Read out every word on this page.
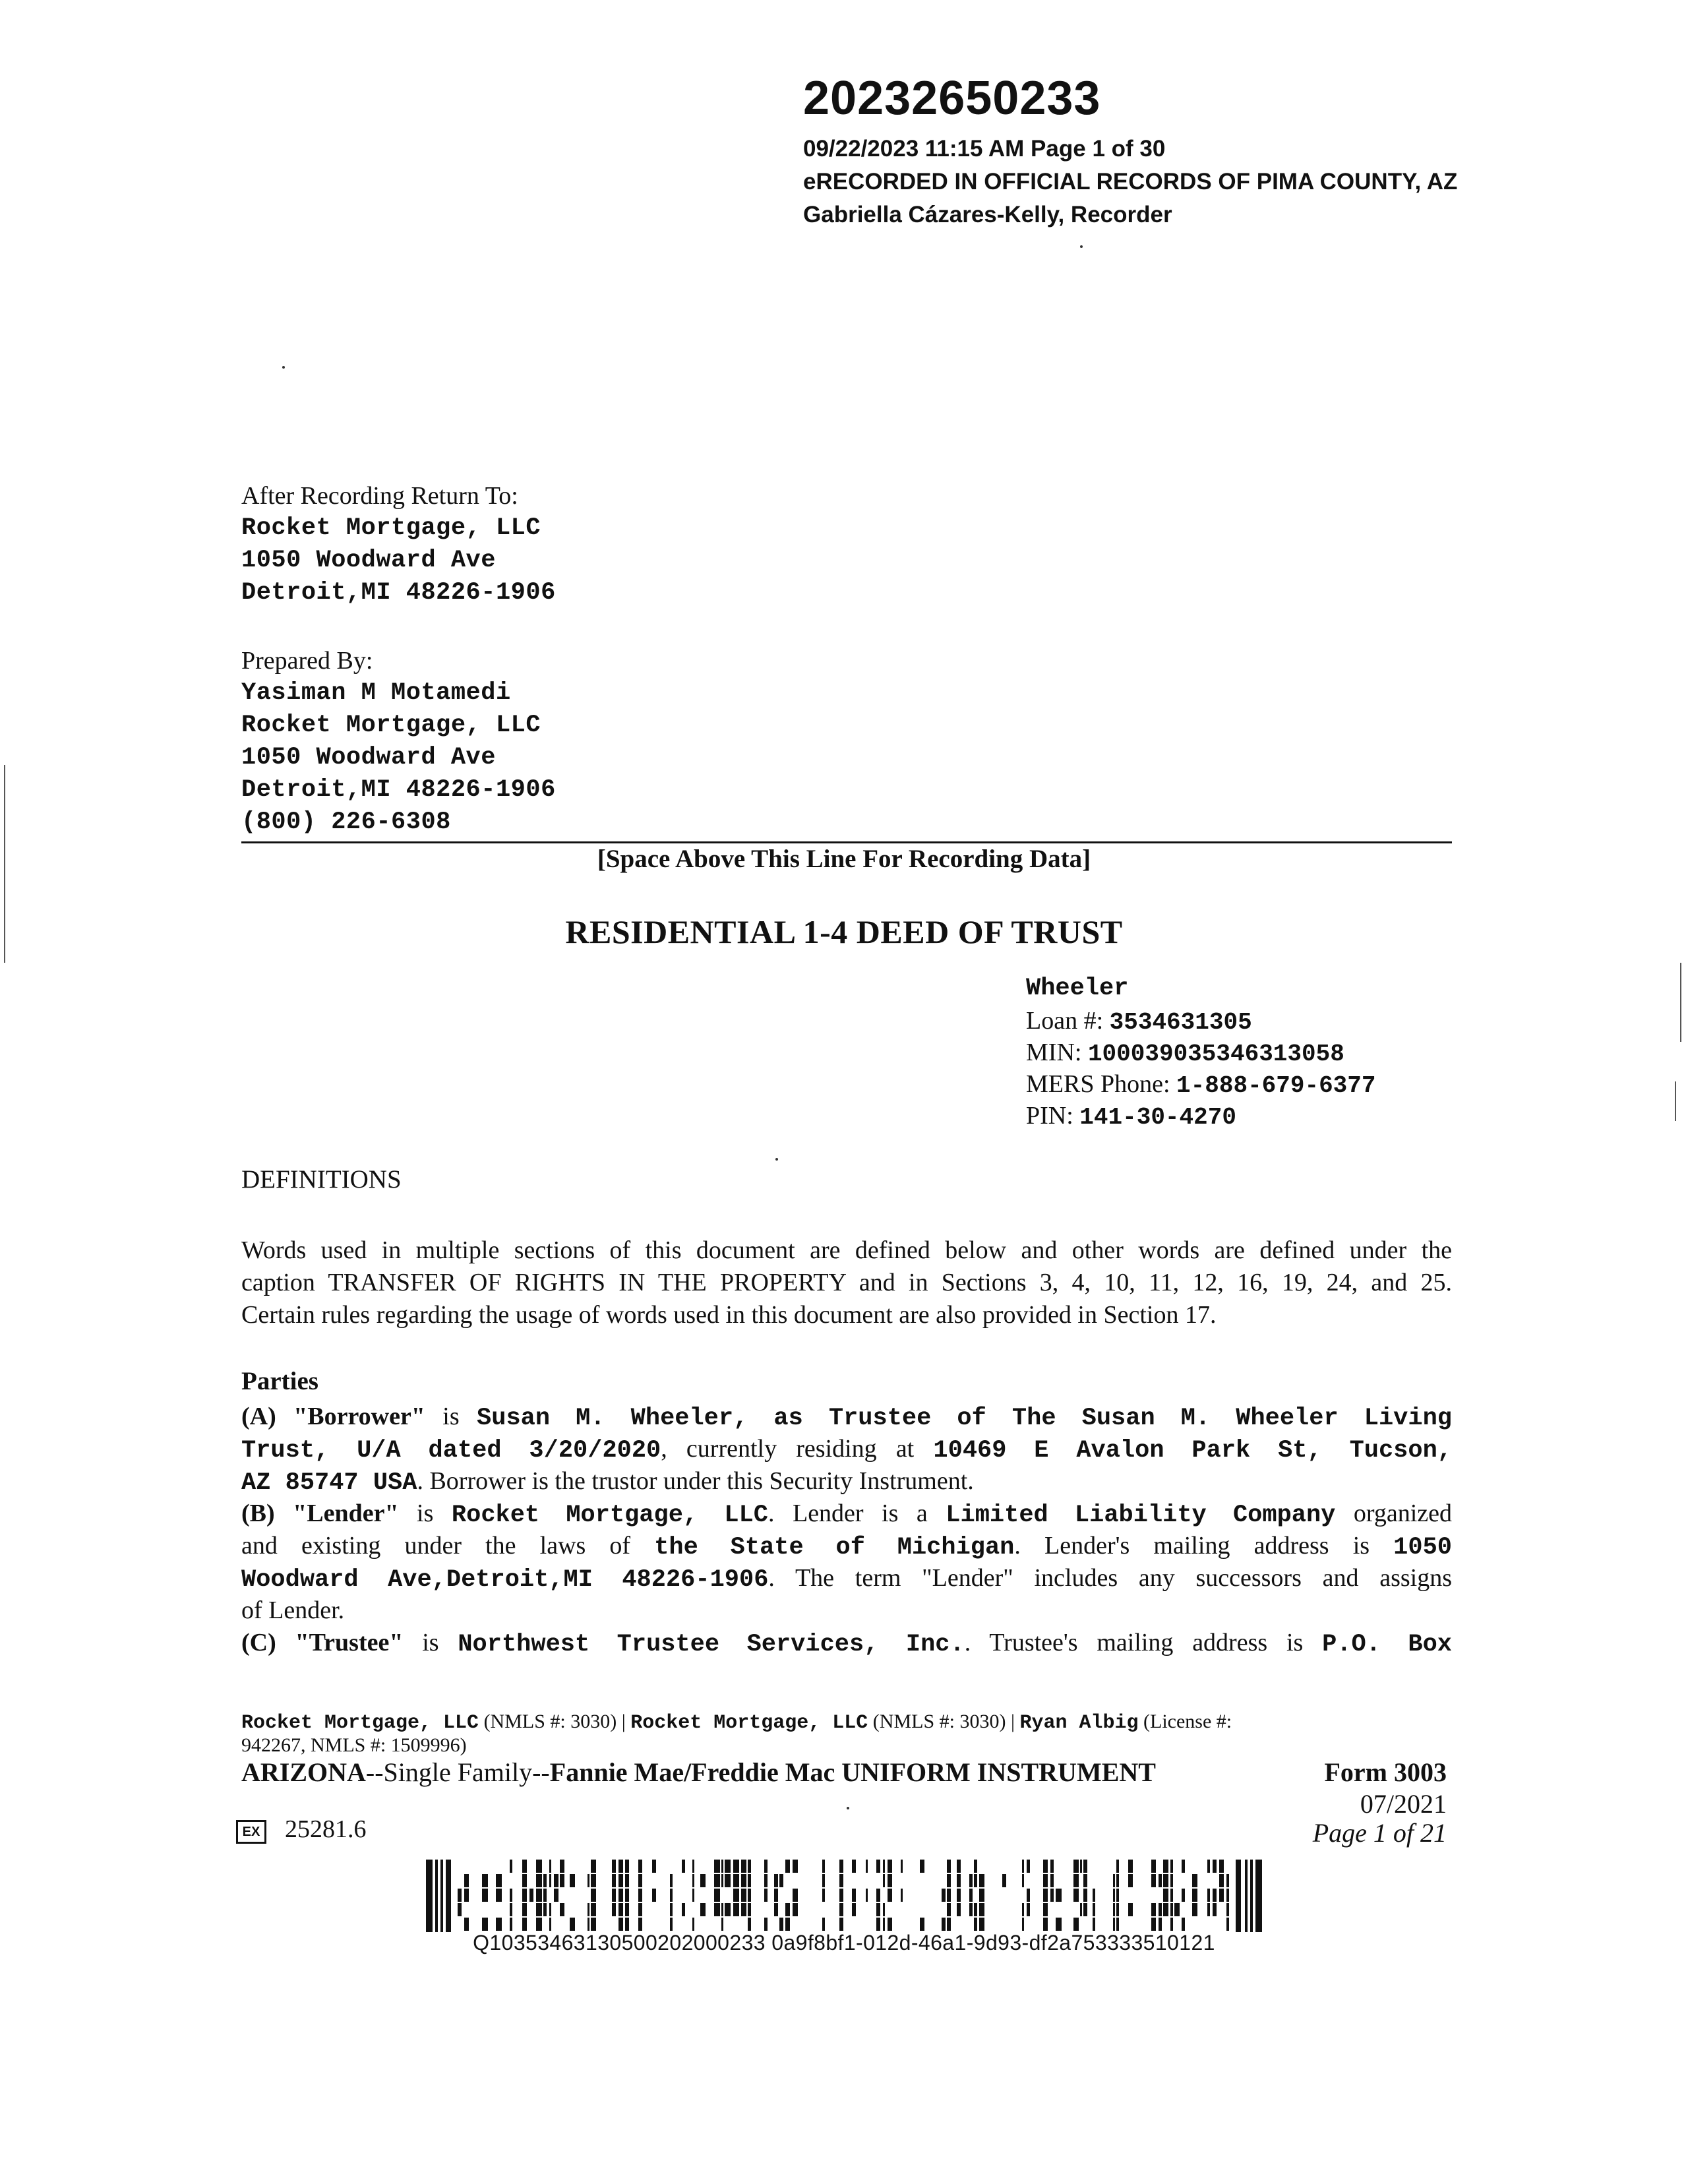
20232650233
09/22/2023 11:15 AM Page 1 of 30
eRECORDED IN OFFICIAL RECORDS OF PIMA COUNTY, AZ
Gabriella Cázares-Kelly, Recorder
After Recording Return To:
Rocket Mortgage, LLC
1050 Woodward Ave
Detroit,MI 48226-1906
Prepared By:
Yasiman M Motamedi
Rocket Mortgage, LLC
1050 Woodward Ave
Detroit,MI 48226-1906
(800) 226-6308
[Space Above This Line For Recording Data]
RESIDENTIAL 1-4 DEED OF TRUST
Wheeler
Loan #: 3534631305
MIN: 100039035346313058
MERS Phone: 1-888-679-6377
PIN: 141-30-4270
DEFINITIONS
Words used in multiple sections of this document are defined below and other words are defined under the
caption TRANSFER OF RIGHTS IN THE PROPERTY and in Sections 3, 4, 10, 11, 12, 16, 19, 24, and 25.
Certain rules regarding the usage of words used in this document are also provided in Section 17.
Parties
(A) "Borrower" is Susan M. Wheeler, as Trustee of The Susan M. Wheeler Living
Trust, U/A dated 3/20/2020, currently residing at 10469 E Avalon Park St, Tucson,
AZ 85747 USA. Borrower is the trustor under this Security Instrument.
(B) "Lender" is Rocket Mortgage, LLC. Lender is a Limited Liability Company organized
and existing under the laws of the State of Michigan. Lender's mailing address is 1050
Woodward Ave,Detroit,MI 48226-1906. The term "Lender" includes any successors and assigns
of Lender.
(C) "Trustee" is Northwest Trustee Services, Inc.. Trustee's mailing address is P.O. Box
Rocket Mortgage, LLC (NMLS #: 3030) | Rocket Mortgage, LLC (NMLS #: 3030) | Ryan Albig (License #:
942267, NMLS #: 1509996)
ARIZONA--Single Family--Fannie Mae/Freddie Mac UNIFORM INSTRUMENT	Form 3003
07/2021
Page 1 of 21
EX 25281.6
Q10353463130500202000233 0a9f8bf1-012d-46a1-9d93-df2a753333510121
